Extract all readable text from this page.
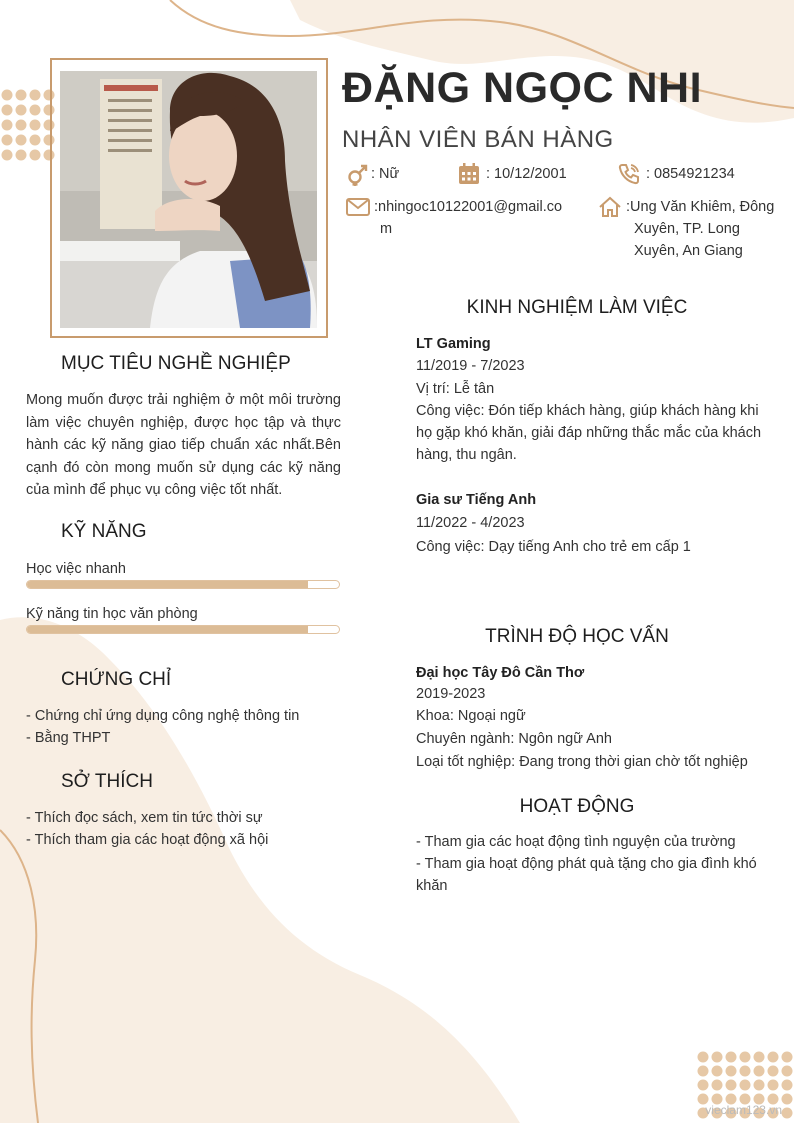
ĐẶNG NGỌC NHI
NHÂN VIÊN BÁN HÀNG
: Nữ	: 10/12/2001	: 0854921234
:nhingoc10122001@gmail.co
m
:Ung Văn Khiêm, Đông
Xuyên, TP. Long
Xuyên, An Giang
MỤC TIÊU NGHỀ NGHIỆP
Mong muốn được trải nghiệm ở một môi trường làm việc chuyên nghiệp, được học tập và thực hành các kỹ năng giao tiếp chuẩn xác nhất.Bên cạnh đó còn mong muốn sử dụng các kỹ năng của mình để phục vụ công việc tốt nhất.
KỸ NĂNG
Học việc nhanh
Kỹ năng tin học văn phòng
CHỨNG CHỈ
- Chứng chỉ ứng dụng công nghệ thông tin
- Bằng THPT
SỞ THÍCH
- Thích đọc sách, xem tin tức thời sự
- Thích tham gia các hoạt động xã hội
KINH NGHIỆM LÀM VIỆC
LT Gaming
11/2019 - 7/2023
Vị trí: Lễ tân
Công việc: Đón tiếp khách hàng, giúp khách hàng khi
họ gặp khó khăn, giải đáp những thắc mắc của khách
hàng, thu ngân.
Gia sư Tiếng Anh
11/2022 - 4/2023
Công việc: Dạy tiếng Anh cho trẻ em cấp 1
TRÌNH ĐỘ HỌC VẤN
Đại học Tây Đô Cần Thơ
2019-2023
Khoa: Ngoại ngữ
Chuyên ngành: Ngôn ngữ Anh
Loại tốt nghiệp: Đang trong thời gian chờ tốt nghiệp
HOẠT ĐỘNG
- Tham gia các hoạt động tình nguyện của trường
- Tham gia hoạt động phát quà tặng cho gia đình khó
khăn
vieclam123.vn
